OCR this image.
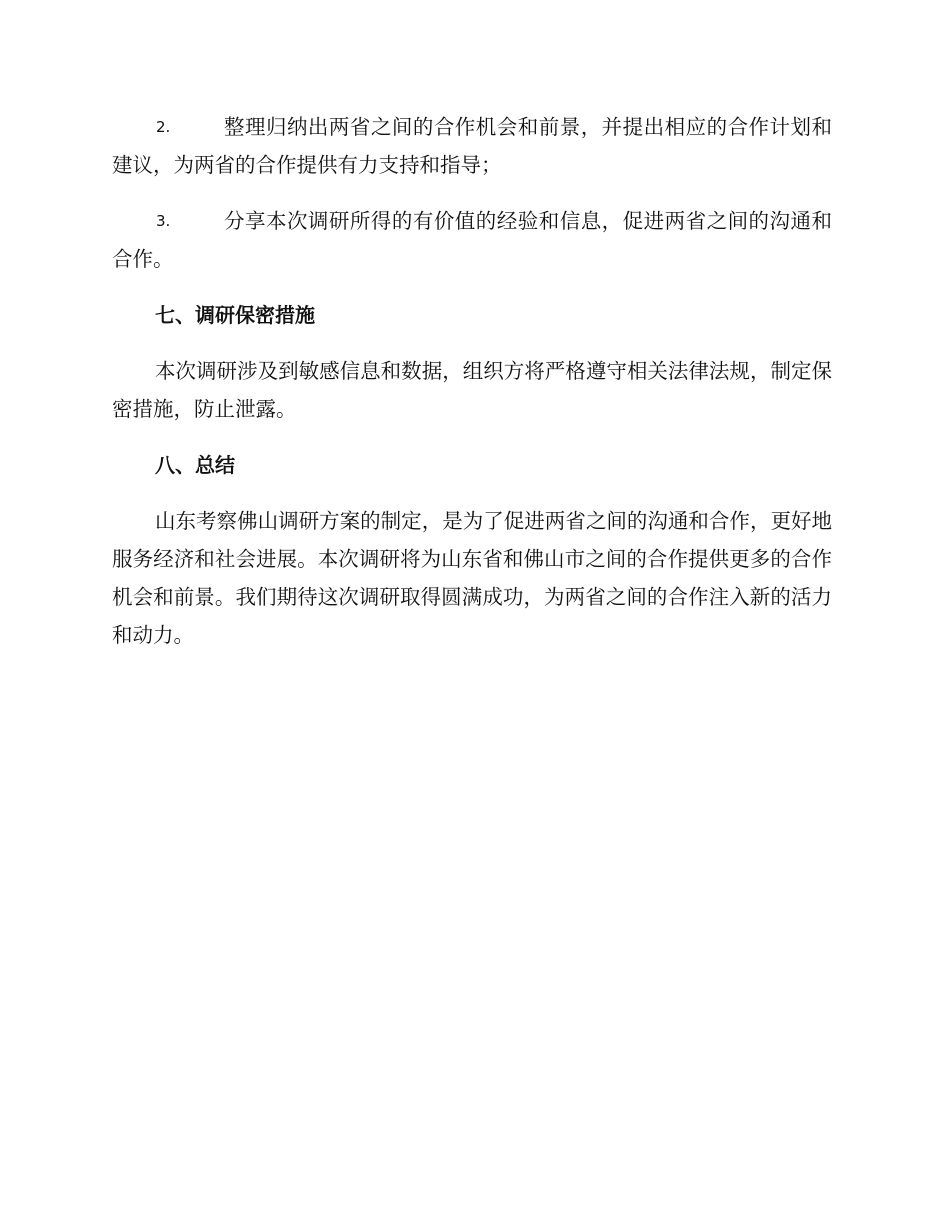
2.	整理归纳出两省之间的合作机会和前景，并提出相应的合作计划和建议，为两省的合作提供有力支持和指导；

3.	分享本次调研所得的有价值的经验和信息，促进两省之间的沟通和合作。

七、调研保密措施

本次调研涉及到敏感信息和数据，组织方将严格遵守相关法律法规，制定保密措施，防止泄露。

八、总结

山东考察佛山调研方案的制定，是为了促进两省之间的沟通和合作，更好地服务经济和社会进展。本次调研将为山东省和佛山市之间的合作提供更多的合作机会和前景。我们期待这次调研取得圆满成功，为两省之间的合作注入新的活力和动力。
